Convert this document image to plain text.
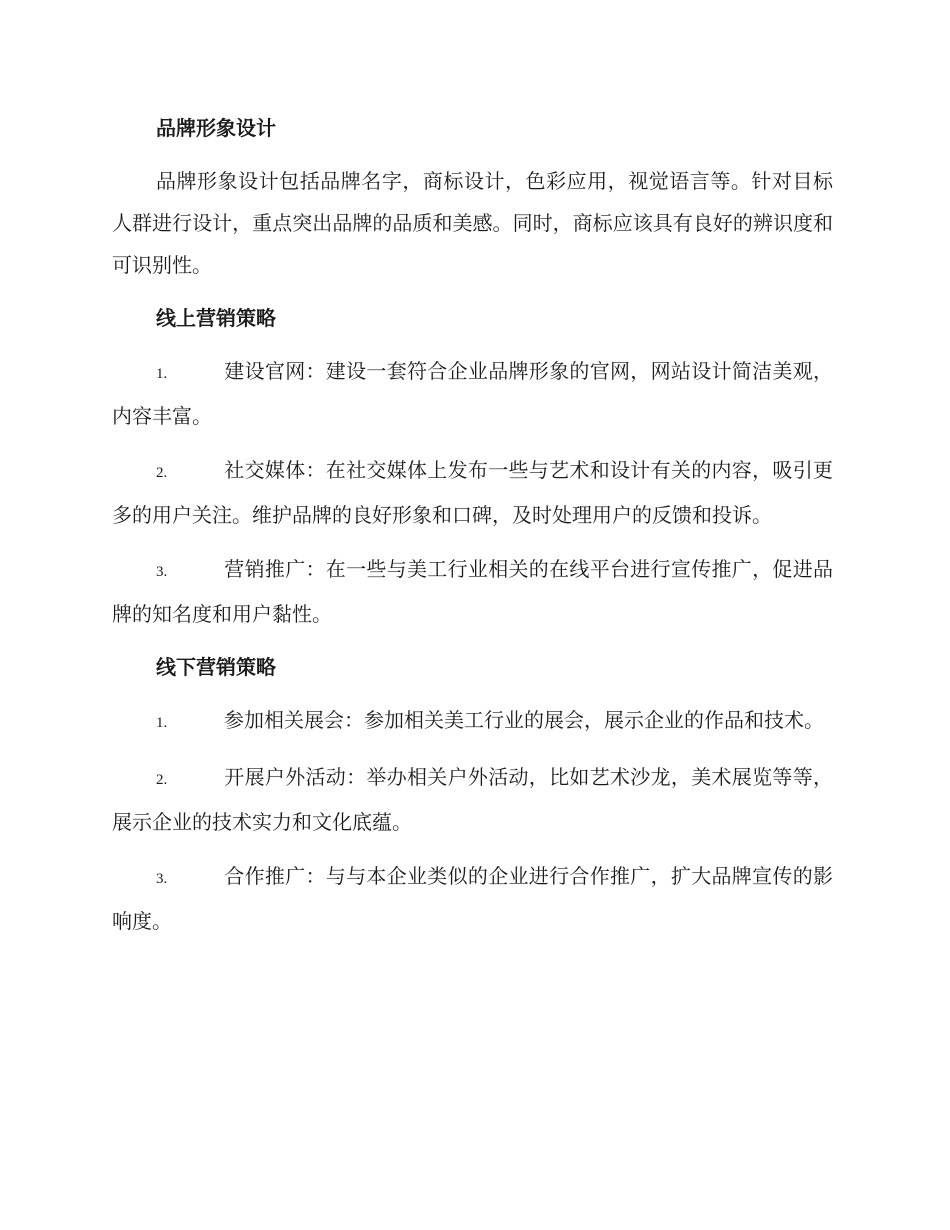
品牌形象设计
品牌形象设计包括品牌名字，商标设计，色彩应用，视觉语言等。针对目标人群进行设计，重点突出品牌的品质和美感。同时，商标应该具有良好的辨识度和可识别性。
线上营销策略
1.	建设官网：建设一套符合企业品牌形象的官网，网站设计简洁美观，内容丰富。
2.	社交媒体：在社交媒体上发布一些与艺术和设计有关的内容，吸引更多的用户关注。维护品牌的良好形象和口碑，及时处理用户的反馈和投诉。
3.	营销推广：在一些与美工行业相关的在线平台进行宣传推广，促进品牌的知名度和用户黏性。
线下营销策略
1.	参加相关展会：参加相关美工行业的展会，展示企业的作品和技术。
2.	开展户外活动：举办相关户外活动，比如艺术沙龙，美术展览等等，展示企业的技术实力和文化底蕴。
3.	合作推广：与与本企业类似的企业进行合作推广，扩大品牌宣传的影响度。
